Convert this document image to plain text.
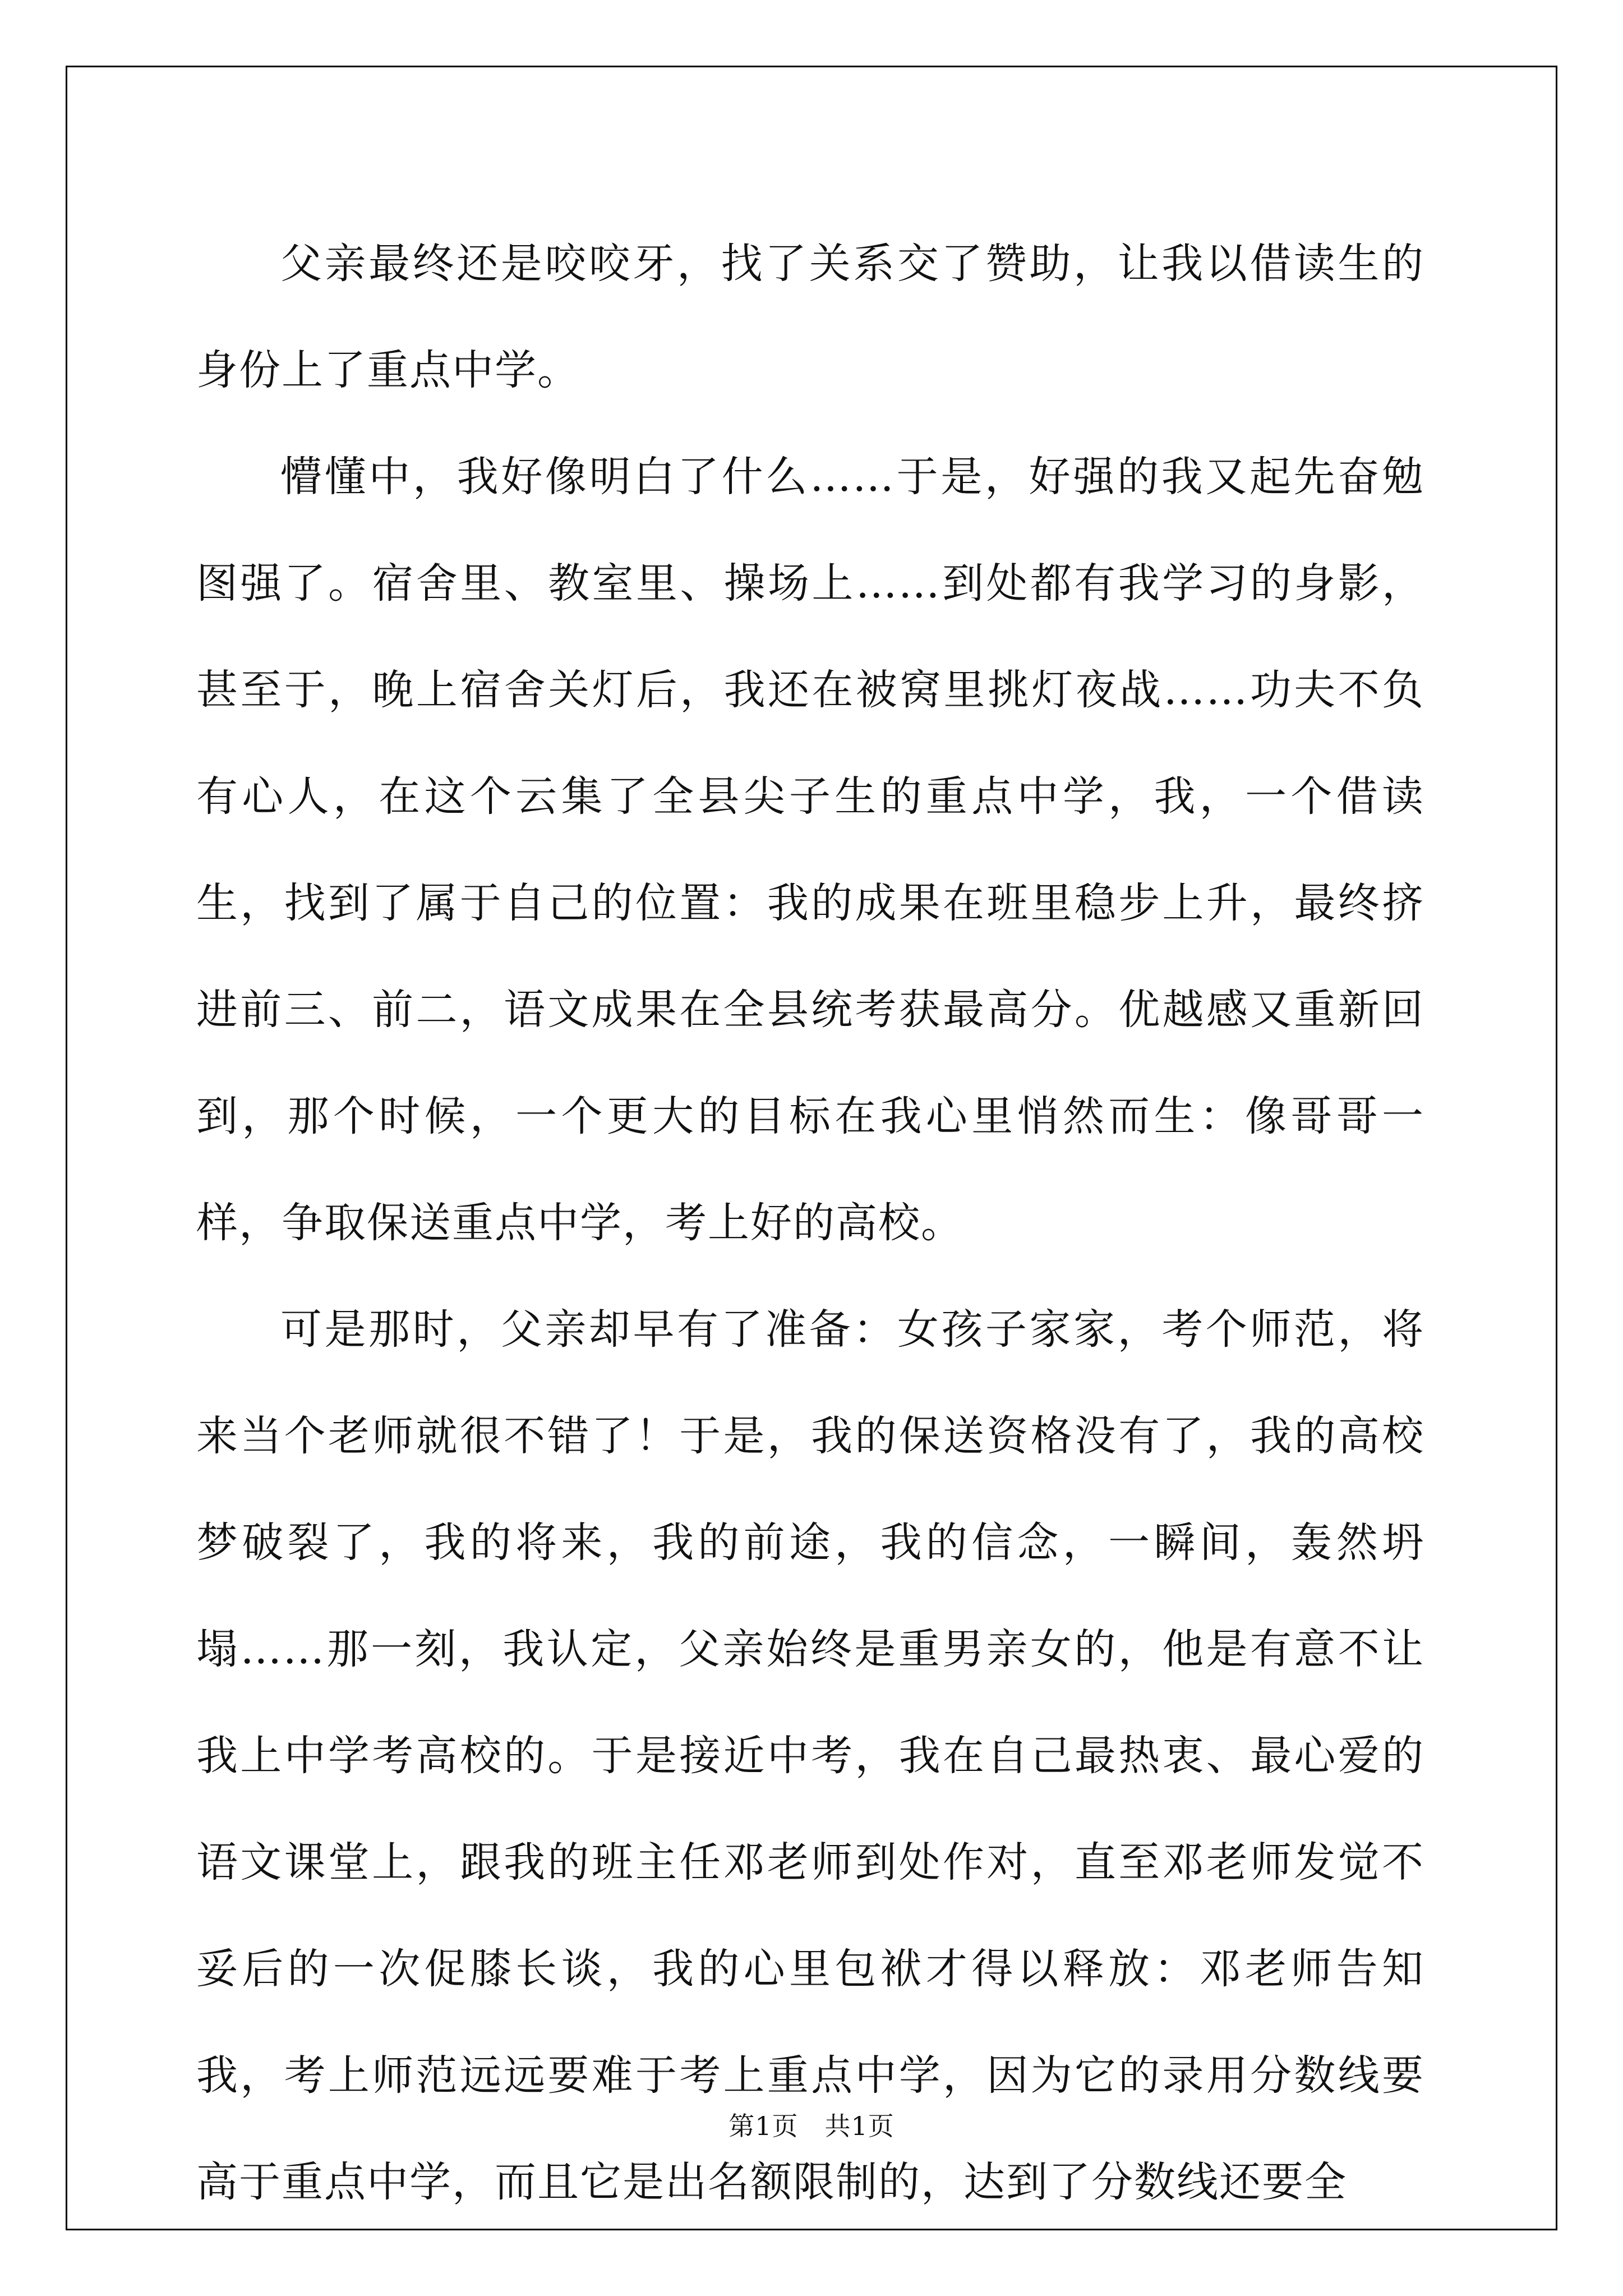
父亲最终还是咬咬牙，找了关系交了赞助，让我以借读生的身份上了重点中学。

懵懂中，我好像明白了什么……于是，好强的我又起先奋勉图强了。宿舍里、教室里、操场上……到处都有我学习的身影，甚至于，晚上宿舍关灯后，我还在被窝里挑灯夜战……功夫不负有心人，在这个云集了全县尖子生的重点中学，我，一个借读生，找到了属于自己的位置：我的成果在班里稳步上升，最终挤进前三、前二，语文成果在全县统考获最高分。优越感又重新回到，那个时候，一个更大的目标在我心里悄然而生：像哥哥一样，争取保送重点中学，考上好的高校。

可是那时，父亲却早有了准备：女孩子家家，考个师范，将来当个老师就很不错了！于是，我的保送资格没有了，我的高校梦破裂了，我的将来，我的前途，我的信念，一瞬间，轰然坍塌……那一刻，我认定，父亲始终是重男亲女的，他是有意不让我上中学考高校的。于是接近中考，我在自己最热衷、最心爱的语文课堂上，跟我的班主任邓老师到处作对，直至邓老师发觉不妥后的一次促膝长谈，我的心里包袱才得以释放：邓老师告知我，考上师范远远要难于考上重点中学，因为它的录用分数线要高于重点中学，而且它是出名额限制的，达到了分数线还要全

第1页　共1页
